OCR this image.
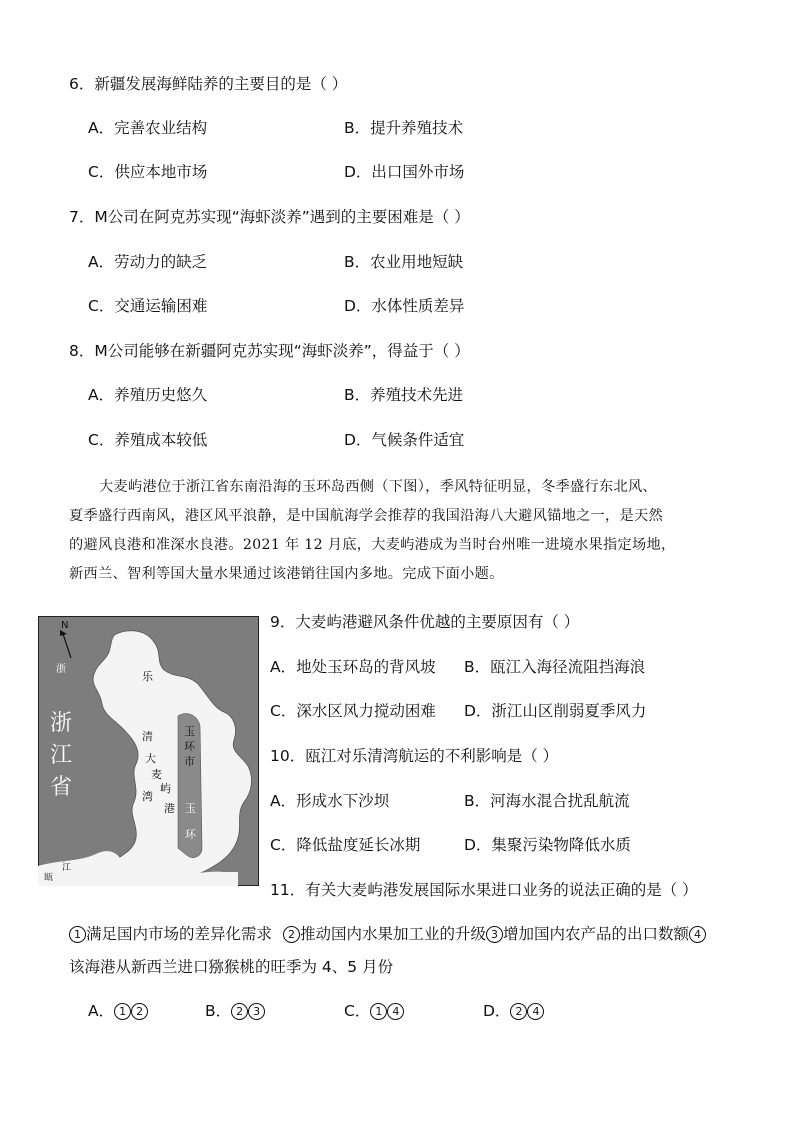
6．新疆发展海鲜陆养的主要目的是（ ）
A．完善农业结构	B．提升养殖技术
C．供应本地市场	D．出口国外市场
7．M公司在阿克苏实现“海虾淡养”遇到的主要困难是（ ）
A．劳动力的缺乏	B．农业用地短缺
C．交通运输困难	D．水体性质差异
8．M公司能够在新疆阿克苏实现“海虾淡养”，得益于（ ）
A．养殖历史悠久	B．养殖技术先进
C．养殖成本较低	D．气候条件适宜
大麦屿港位于浙江省东南沿海的玉环岛西侧（下图），季风特征明显，冬季盛行东北风、
夏季盛行西南风，港区风平浪静，是中国航海学会推荐的我国沿海八大避风锚地之一，是天然
的避风良港和准深水良港。2021 年 12 月底，大麦屿港成为当时台州唯一进境水果指定场地，
新西兰、智利等国大量水果通过该港销往国内多地。完成下面小题。
N
浙
浙
江
省
乐
清
湾
大
麦
屿
港
玉
环
市
玉
环
瓯
江
9．大麦屿港避风条件优越的主要原因有（ ）
A．地处玉环岛的背风坡 B．瓯江入海径流阻挡海浪
C．深水区风力搅动困难 D．浙江山区削弱夏季风力
10．瓯江对乐清湾航运的不利影响是（ ）
A．形成水下沙坝	B．河海水混合扰乱航流
C．降低盐度延长冰期	D．集聚污染物降低水质
11．有关大麦屿港发展国际水果进口业务的说法正确的是（ ）
1 满足国内市场的差异化需求 2 推动国内水果加工业的升级 3 增加国内农产品的出口数额 4
该海港从新西兰进口猕猴桃的旺季为 4、5 月份
A． 1 2	B． 2 3	C． 1 4	D． 2 4
